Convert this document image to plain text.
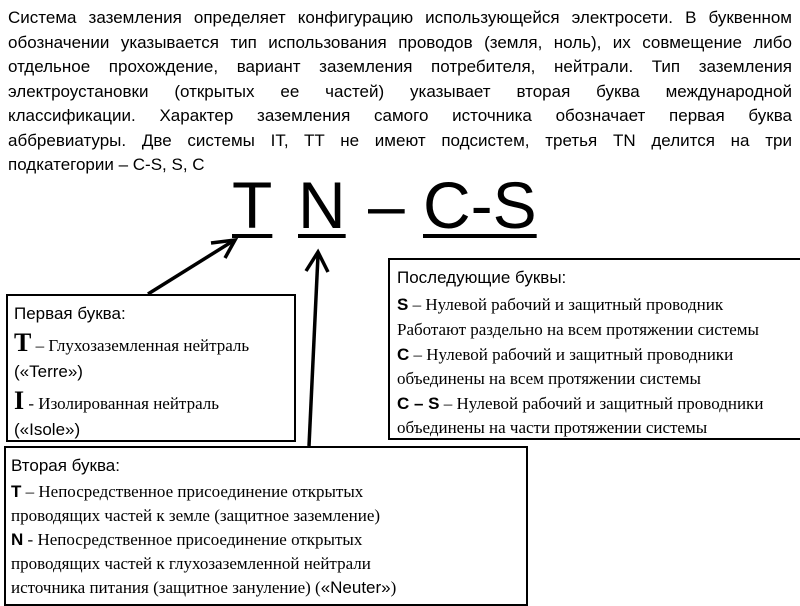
Система заземления определяет конфигурацию использующейся электросети. В буквенном
обозначении указывается тип использования проводов (земля, ноль), их совмещение либо
отдельное прохождение, вариант заземления потребителя, нейтрали. Тип заземления
электроустановки (открытых ее частей) указывает вторая буква международной
классификации. Характер заземления самого источника обозначает первая буква
аббревиатуры. Две системы IT, TT не имеют подсистем, третья TN делится на три
подкатегории – C-S, S, C
T N – C-S

Первая буква:

T – Глухозаземленная нейтраль

(«Terre»)

I - Изолированная нейтраль

(«Isole»)

Последующие буквы:

S – Нулевой рабочий и защитный проводник

Работают раздельно на всем протяжении системы

C – Нулевой рабочий и защитный проводники

объединены на всем протяжении системы

C – S – Нулевой рабочий и защитный проводники

объединены на части протяжении системы

Вторая буква:

T – Непосредственное присоединение открытых

проводящих частей к земле (защитное заземление)

N - Непосредственное присоединение открытых

проводящих частей к глухозаземленной нейтрали

источника питания (защитное зануление) («Neuter»)
